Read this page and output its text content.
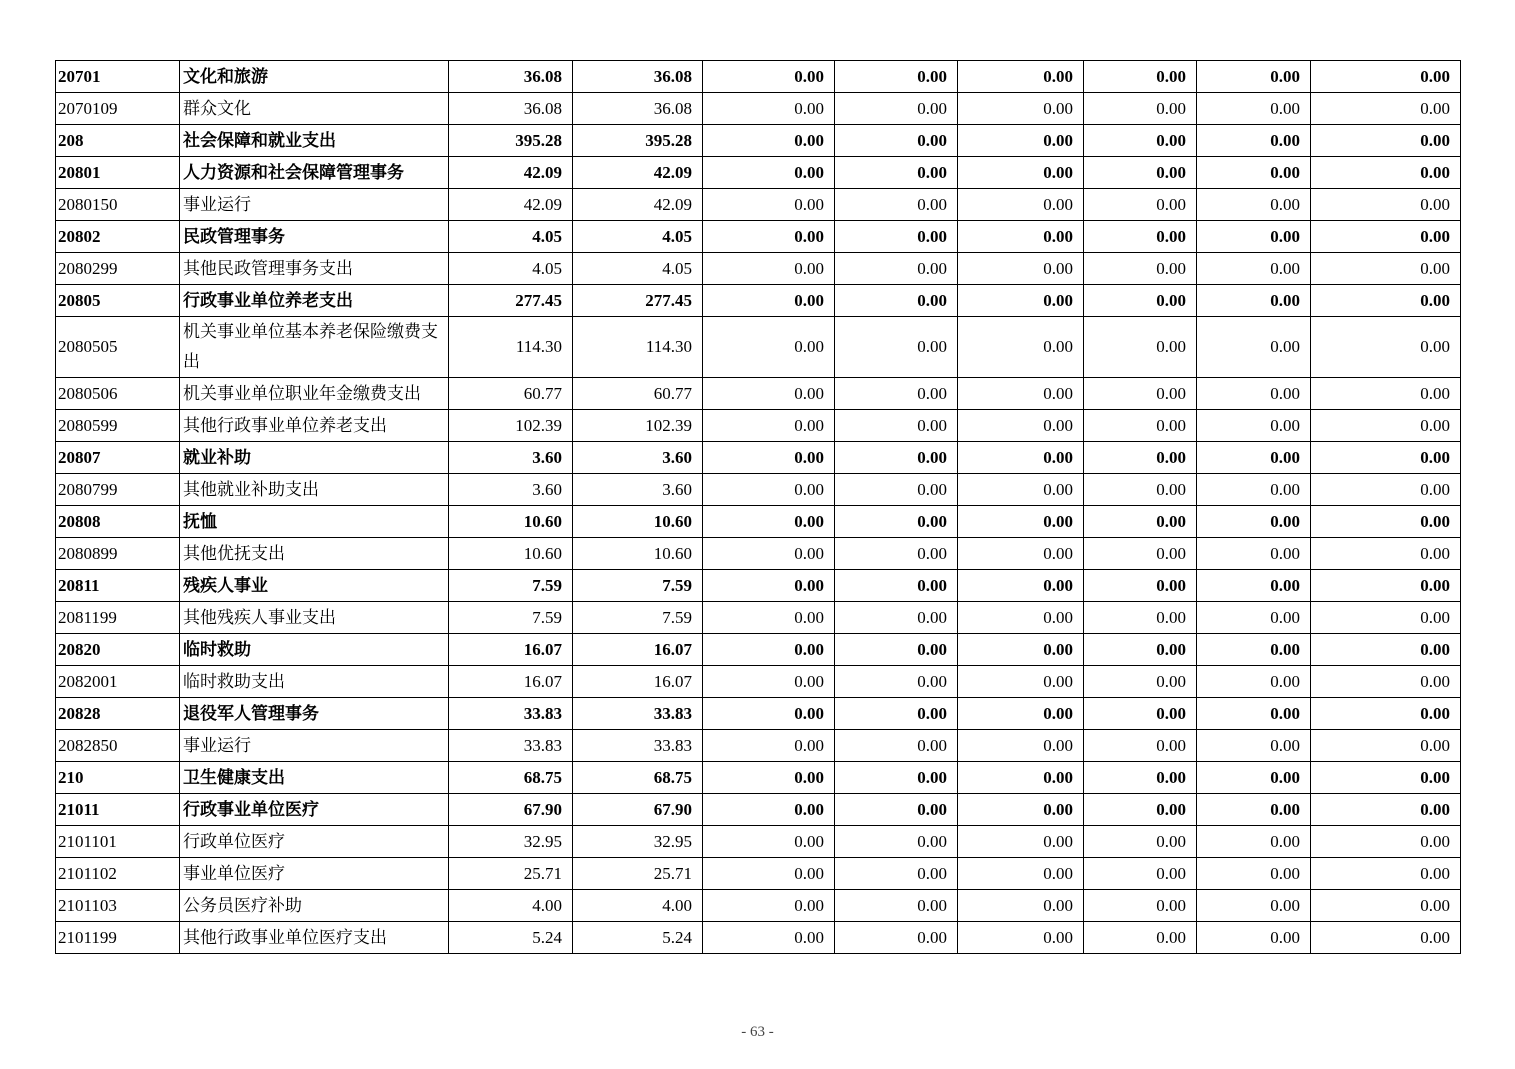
20701	文化和旅游	36.08	36.08	0.00	0.00	0.00	0.00	0.00	0.00
2070109	群众文化	36.08	36.08	0.00	0.00	0.00	0.00	0.00	0.00
208	社会保障和就业支出	395.28	395.28	0.00	0.00	0.00	0.00	0.00	0.00
20801	人力资源和社会保障管理事务	42.09	42.09	0.00	0.00	0.00	0.00	0.00	0.00
2080150	事业运行	42.09	42.09	0.00	0.00	0.00	0.00	0.00	0.00
20802	民政管理事务	4.05	4.05	0.00	0.00	0.00	0.00	0.00	0.00
2080299	其他民政管理事务支出	4.05	4.05	0.00	0.00	0.00	0.00	0.00	0.00
20805	行政事业单位养老支出	277.45	277.45	0.00	0.00	0.00	0.00	0.00	0.00
2080505	机关事业单位基本养老保险缴费支出	114.30	114.30	0.00	0.00	0.00	0.00	0.00	0.00
2080506	机关事业单位职业年金缴费支出	60.77	60.77	0.00	0.00	0.00	0.00	0.00	0.00
2080599	其他行政事业单位养老支出	102.39	102.39	0.00	0.00	0.00	0.00	0.00	0.00
20807	就业补助	3.60	3.60	0.00	0.00	0.00	0.00	0.00	0.00
2080799	其他就业补助支出	3.60	3.60	0.00	0.00	0.00	0.00	0.00	0.00
20808	抚恤	10.60	10.60	0.00	0.00	0.00	0.00	0.00	0.00
2080899	其他优抚支出	10.60	10.60	0.00	0.00	0.00	0.00	0.00	0.00
20811	残疾人事业	7.59	7.59	0.00	0.00	0.00	0.00	0.00	0.00
2081199	其他残疾人事业支出	7.59	7.59	0.00	0.00	0.00	0.00	0.00	0.00
20820	临时救助	16.07	16.07	0.00	0.00	0.00	0.00	0.00	0.00
2082001	临时救助支出	16.07	16.07	0.00	0.00	0.00	0.00	0.00	0.00
20828	退役军人管理事务	33.83	33.83	0.00	0.00	0.00	0.00	0.00	0.00
2082850	事业运行	33.83	33.83	0.00	0.00	0.00	0.00	0.00	0.00
210	卫生健康支出	68.75	68.75	0.00	0.00	0.00	0.00	0.00	0.00
21011	行政事业单位医疗	67.90	67.90	0.00	0.00	0.00	0.00	0.00	0.00
2101101	行政单位医疗	32.95	32.95	0.00	0.00	0.00	0.00	0.00	0.00
2101102	事业单位医疗	25.71	25.71	0.00	0.00	0.00	0.00	0.00	0.00
2101103	公务员医疗补助	4.00	4.00	0.00	0.00	0.00	0.00	0.00	0.00
2101199	其他行政事业单位医疗支出	5.24	5.24	0.00	0.00	0.00	0.00	0.00	0.00
- 63 -
